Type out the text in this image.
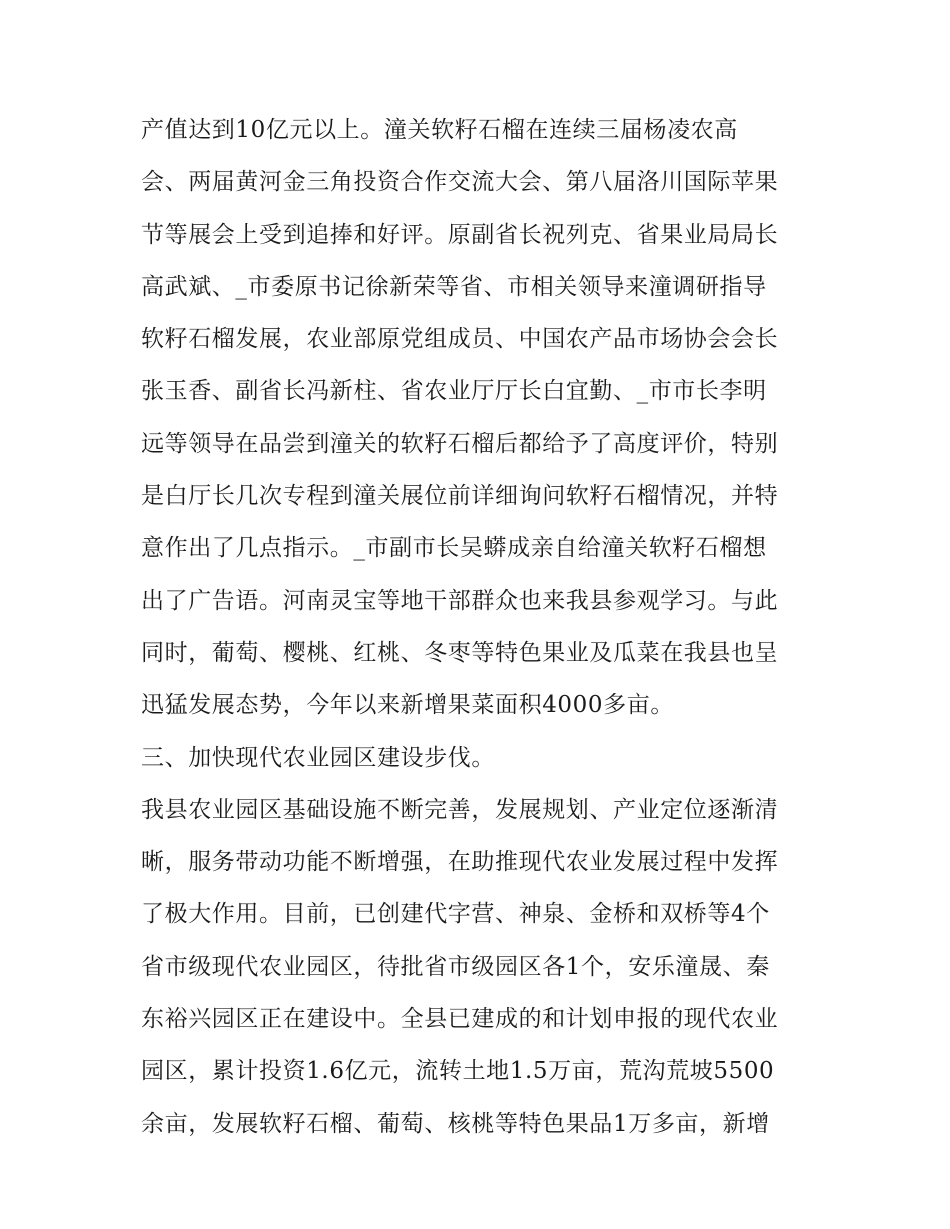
产值达到10亿元以上。潼关软籽石榴在连续三届杨凌农高
会、两届黄河金三角投资合作交流大会、第八届洛川国际苹果
节等展会上受到追捧和好评。原副省长祝列克、省果业局局长
高武斌、_市委原书记徐新荣等省、市相关领导来潼调研指导
软籽石榴发展，农业部原党组成员、中国农产品市场协会会长
张玉香、副省长冯新柱、省农业厅厅长白宜勤、_市市长李明
远等领导在品尝到潼关的软籽石榴后都给予了高度评价，特别
是白厅长几次专程到潼关展位前详细询问软籽石榴情况，并特
意作出了几点指示。_市副市长吴蟒成亲自给潼关软籽石榴想
出了广告语。河南灵宝等地干部群众也来我县参观学习。与此
同时，葡萄、樱桃、红桃、冬枣等特色果业及瓜菜在我县也呈
迅猛发展态势，今年以来新增果菜面积4000多亩。
三、加快现代农业园区建设步伐。
我县农业园区基础设施不断完善，发展规划、产业定位逐渐清
晰，服务带动功能不断增强，在助推现代农业发展过程中发挥
了极大作用。目前，已创建代字营、神泉、金桥和双桥等4个
省市级现代农业园区，待批省市级园区各1个，安乐潼晟、秦
东裕兴园区正在建设中。全县已建成的和计划申报的现代农业
园区，累计投资1.6亿元，流转土地1.5万亩，荒沟荒坡5500
余亩，发展软籽石榴、葡萄、核桃等特色果品1万多亩，新增
